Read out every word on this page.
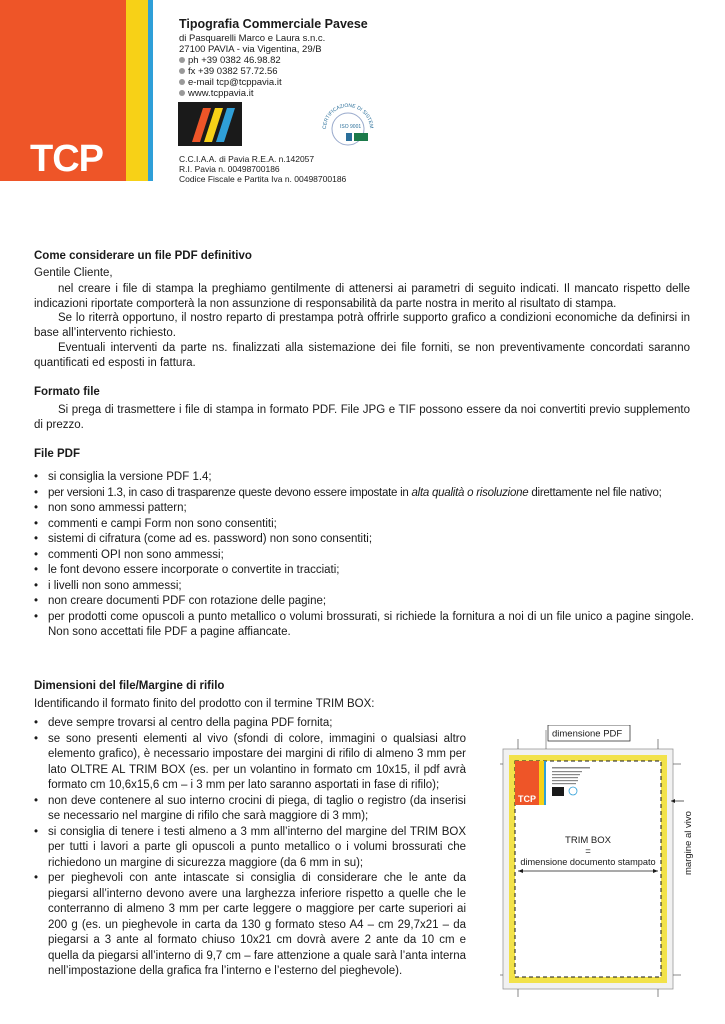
TCP
Tipografia Commerciale Pavese
di Pasquarelli Marco e Laura s.n.c.
27100 PAVIA - via Vigentina, 29/B
ph +39 0382 46.98.82
fx +39 0382 57.72.56
e-mail tcp@tcppavia.it
www.tcppavia.it
CERTIFICAZIONE DI SISTEM
ISO 9001
C.C.I.A.A. di Pavia R.E.A. n.142057
R.I. Pavia n. 00498700186
Codice Fiscale e Partita Iva n. 00498700186
Come considerare un file PDF definitivo
Gentile Cliente,
nel creare i file di stampa la preghiamo gentilmente di attenersi ai parametri di seguito indicati. Il mancato rispetto delle indicazioni riportate comporterà la non assunzione di responsabilità da parte nostra in merito al risultato di stampa.
Se lo riterrà opportuno, il nostro reparto di prestampa potrà offrirle supporto grafico a condizioni economiche da definirsi in base all’intervento richiesto.
Eventuali interventi da parte ns. finalizzati alla sistemazione dei file forniti, se non preventivamente concordati saranno quantificati ed esposti in fattura.
Formato file
Si prega di trasmettere i file di stampa in formato PDF. File JPG e TIF possono essere da noi convertiti previo supplemento di prezzo.
File PDF
• si consiglia la versione PDF 1.4;
• per versioni 1.3, in caso di trasparenze queste devono essere impostate in alta qualità o risoluzione direttamente nel file nativo;
• non sono ammessi pattern;
• commenti e campi Form non sono consentiti;
• sistemi di cifratura (come ad es. password) non sono consentiti;
• commenti OPI non sono ammessi;
• le font devono essere incorporate o convertite in tracciati;
• i livelli non sono ammessi;
• non creare documenti PDF con rotazione delle pagine;
• per prodotti come opuscoli a punto metallico o volumi brossurati, si richiede la fornitura a noi di un file unico a pagine singole. Non sono accettati file PDF a pagine affiancate.
Dimensioni del file/Margine di rifilo
Identificando il formato finito del prodotto con il termine TRIM BOX:
• deve sempre trovarsi al centro della pagina PDF fornita;
• se sono presenti elementi al vivo (sfondi di colore, immagini o qualsiasi altro elemento grafico), è necessario impostare dei margini di rifilo di almeno 3 mm per lato OLTRE AL TRIM BOX (es. per un volantino in formato cm 10x15, il pdf avrà formato cm 10,6x15,6 cm – i 3 mm per lato saranno asportati in fase di rifilo);
• non deve contenere al suo interno crocini di piega, di taglio o registro (da inserisi se necessario nel margine di rifilo che sarà maggiore di 3 mm);
• si consiglia di tenere i testi almeno a 3 mm all’interno del margine del TRIM BOX per tutti i lavori a parte gli opuscoli a punto metallico o i volumi brossurati che richiedono un margine di sicurezza maggiore (da 6 mm in su);
• per pieghevoli con ante intascate si consiglia di considerare che le ante da piegarsi all’interno devono avere una larghezza inferiore rispetto a quelle che le conterranno di almeno 3 mm per carte leggere o maggiore per carte superiori ai 200 g (es. un pieghevole in carta da 130 g formato steso A4 – cm 29,7x21 – da piegarsi a 3 ante al formato chiuso 10x21 cm dovrà avere 2 ante da 10 cm e quella da piegarsi all’interno di 9,7 cm – fare attenzione a quale sarà l’anta interna nell’impostazione della grafica fra l’interno e l’esterno del pieghevole).
TCP
dimensione PDF
margine al vivo
TRIM BOX
=
dimensione documento stampato
